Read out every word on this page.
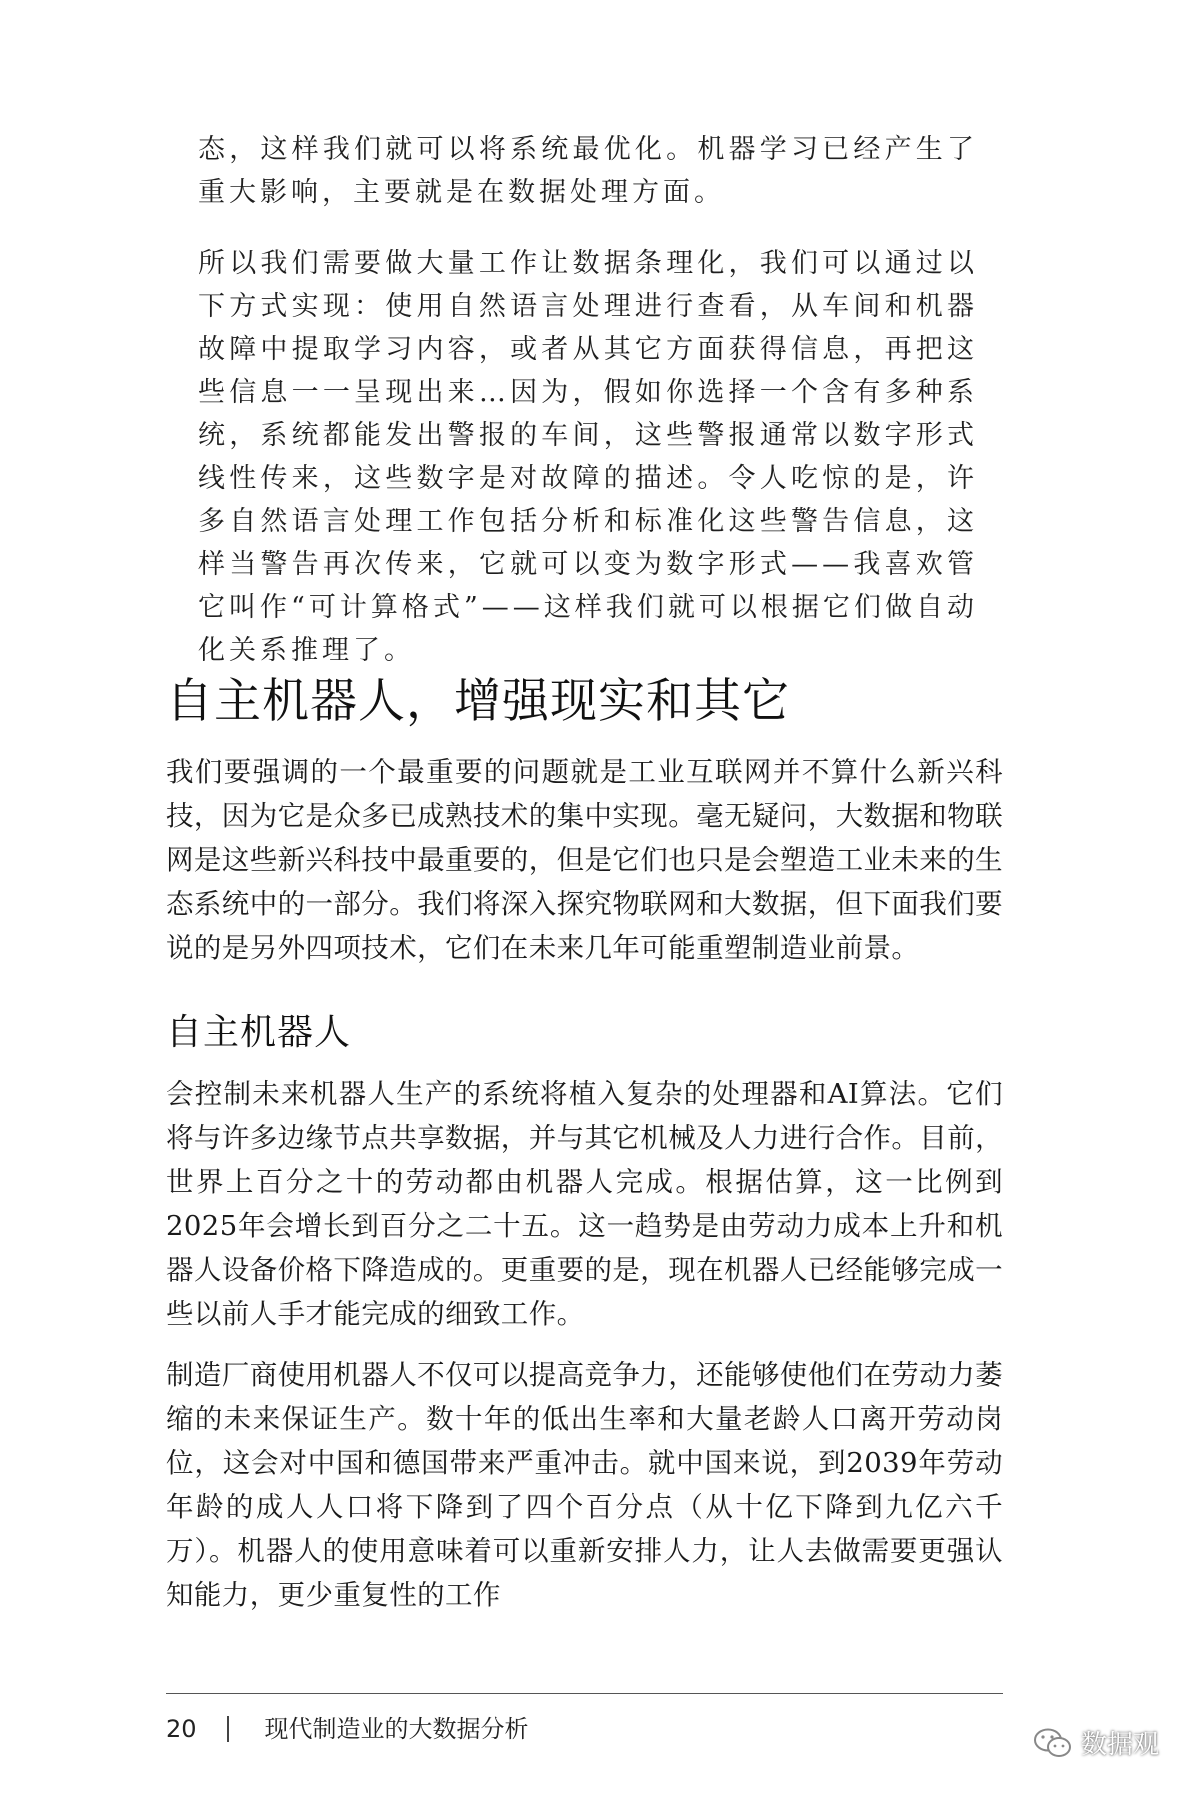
态，这样我们就可以将系统最优化。机器学习已经产生了重大影响，主要就是在数据处理方面。

所以我们需要做大量工作让数据条理化，我们可以通过以下方式实现：使用自然语言处理进行查看，从车间和机器故障中提取学习内容，或者从其它方面获得信息，再把这些信息一一呈现出来…因为，假如你选择一个含有多种系统，系统都能发出警报的车间，这些警报通常以数字形式线性传来，这些数字是对故障的描述。令人吃惊的是，许多自然语言处理工作包括分析和标准化这些警告信息，这样当警告再次传来，它就可以变为数字形式——我喜欢管它叫作“可计算格式”——这样我们就可以根据它们做自动化关系推理了。

自主机器人，增强现实和其它

我们要强调的一个最重要的问题就是工业互联网并不算什么新兴科技，因为它是众多已成熟技术的集中实现。毫无疑问，大数据和物联网是这些新兴科技中最重要的，但是它们也只是会塑造工业未来的生态系统中的一部分。我们将深入探究物联网和大数据，但下面我们要说的是另外四项技术，它们在未来几年可能重塑制造业前景。

自主机器人

会控制未来机器人生产的系统将植入复杂的处理器和AI算法。它们将与许多边缘节点共享数据，并与其它机械及人力进行合作。目前，世界上百分之十的劳动都由机器人完成。根据估算，这一比例到2025年会增长到百分之二十五。这一趋势是由劳动力成本上升和机器人设备价格下降造成的。更重要的是，现在机器人已经能够完成一些以前人手才能完成的细致工作。

制造厂商使用机器人不仅可以提高竞争力，还能够使他们在劳动力萎缩的未来保证生产。数十年的低出生率和大量老龄人口离开劳动岗位，这会对中国和德国带来严重冲击。就中国来说，到2039年劳动年龄的成人人口将下降到了四个百分点（从十亿下降到九亿六千万）。机器人的使用意味着可以重新安排人力，让人去做需要更强认知能力，更少重复性的工作

20	现代制造业的大数据分析
数据观
